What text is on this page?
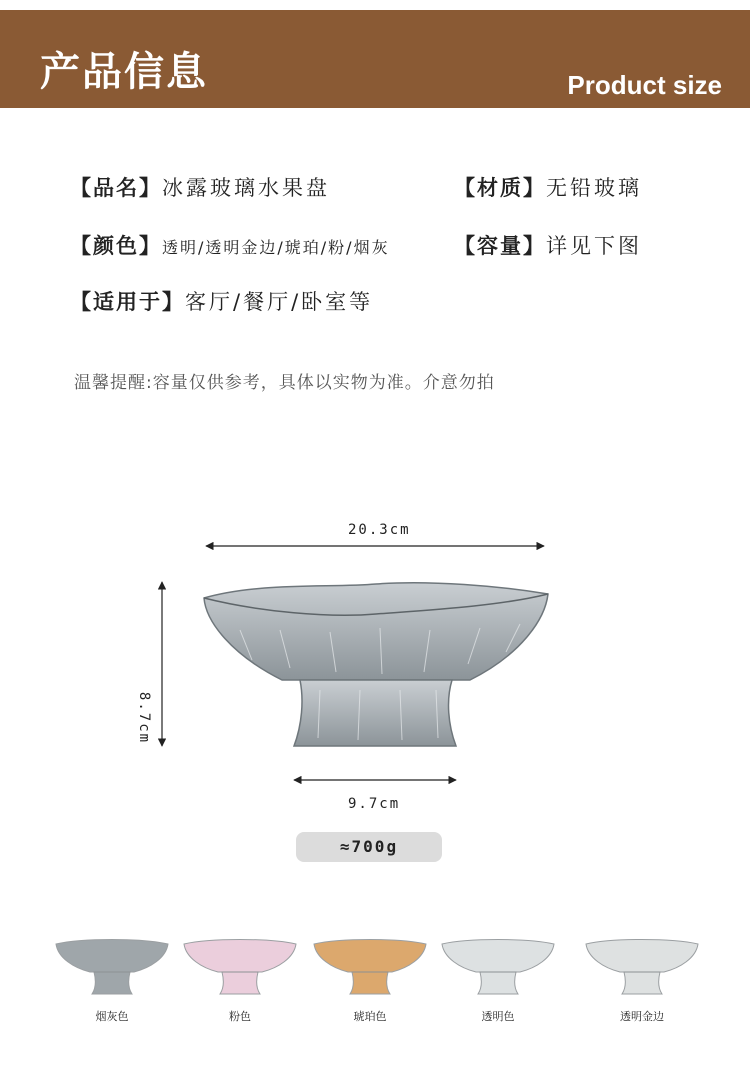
产品信息	Product size
【品名】冰露玻璃水果盘	【材质】无铅玻璃
【颜色】透明/透明金边/琥珀/粉/烟灰	【容量】详见下图
【适用于】客厅/餐厅/卧室等
温馨提醒:容量仅供参考，具体以实物为准。介意勿拍
20.3cm
8.7cm
9.7cm
≈700g
烟灰色	粉色	琥珀色	透明色	透明金边
